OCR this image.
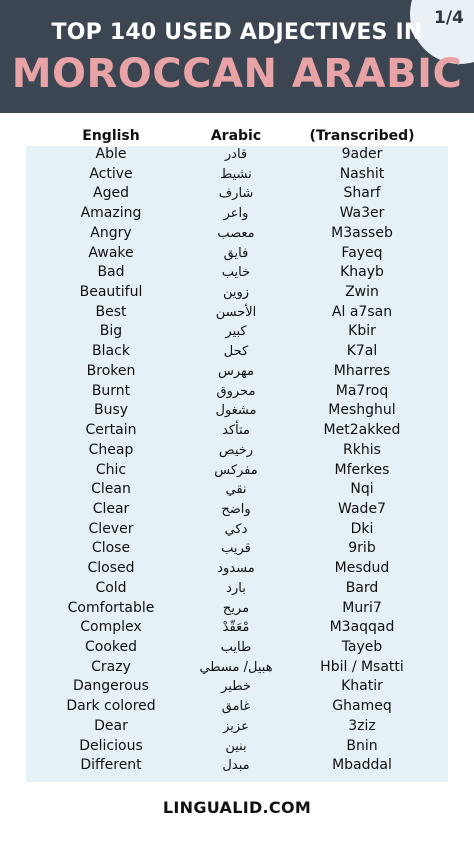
1/4
TOP 140 USED ADJECTIVES IN
MOROCCAN ARABIC
English	Arabic	(Transcribed)
Able	قادر	9ader
Active	نشيط	Nashit
Aged	شارف	Sharf
Amazing	واعر	Wa3er
Angry	معصب	M3asseb
Awake	فايق	Fayeq
Bad	خايب	Khayb
Beautiful	زوين	Zwin
Best	الأحسن	Al a7san
Big	كبير	Kbir
Black	كحل	K7al
Broken	مهرس	Mharres
Burnt	محروق	Ma7roq
Busy	مشغول	Meshghul
Certain	متأكد	Met2akked
Cheap	رخيص	Rkhis
Chic	مفركس	Mferkes
Clean	نقي	Nqi
Clear	واضح	Wade7
Clever	دكي	Dki
Close	قريب	9rib
Closed	مسدود	Mesdud
Cold	بارد	Bard
Comfortable	مريح	Muri7
Complex	مْعَقّدْ	M3aqqad
Cooked	طايب	Tayeb
Crazy	هبيل/ مسطي	Hbil / Msatti
Dangerous	خطير	Khatir
Dark colored	غامق	Ghameq
Dear	عزيز	3ziz
Delicious	بنين	Bnin
Different	مبدل	Mbaddal
LINGUALID.COM
